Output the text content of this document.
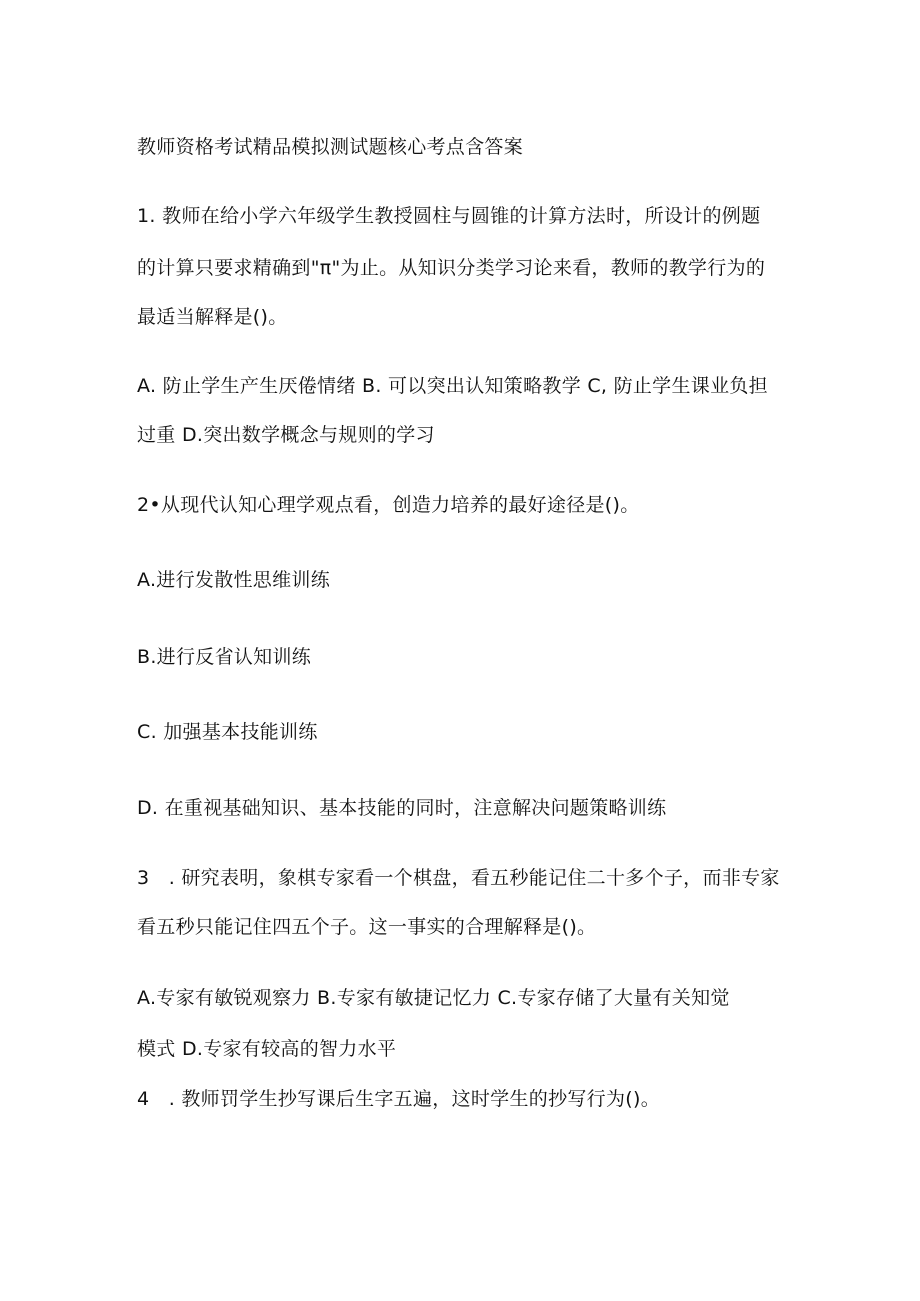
教师资格考试精品模拟测试题核心考点含答案
1. 教师在给小学六年级学生教授圆柱与圆锥的计算方法时，所设计的例题
的计算只要求精确到"π"为止。从知识分类学习论来看，教师的教学行为的
最适当解释是()。
A. 防止学生产生厌倦情绪 B. 可以突出认知策略教学 C, 防止学生课业负担
过重 D.突出数学概念与规则的学习
2•从现代认知心理学观点看，创造力培养的最好途径是()。
A.进行发散性思维训练
B.进行反省认知训练
C. 加强基本技能训练
D. 在重视基础知识、基本技能的同时，注意解决问题策略训练
3　. 研究表明，象棋专家看一个棋盘，看五秒能记住二十多个子，而非专家
看五秒只能记住四五个子。这一事实的合理解释是()。
A.专家有敏锐观察力 B.专家有敏捷记忆力 C.专家存储了大量有关知觉
模式 D.专家有较高的智力水平
4　. 教师罚学生抄写课后生字五遍，这时学生的抄写行为()。
